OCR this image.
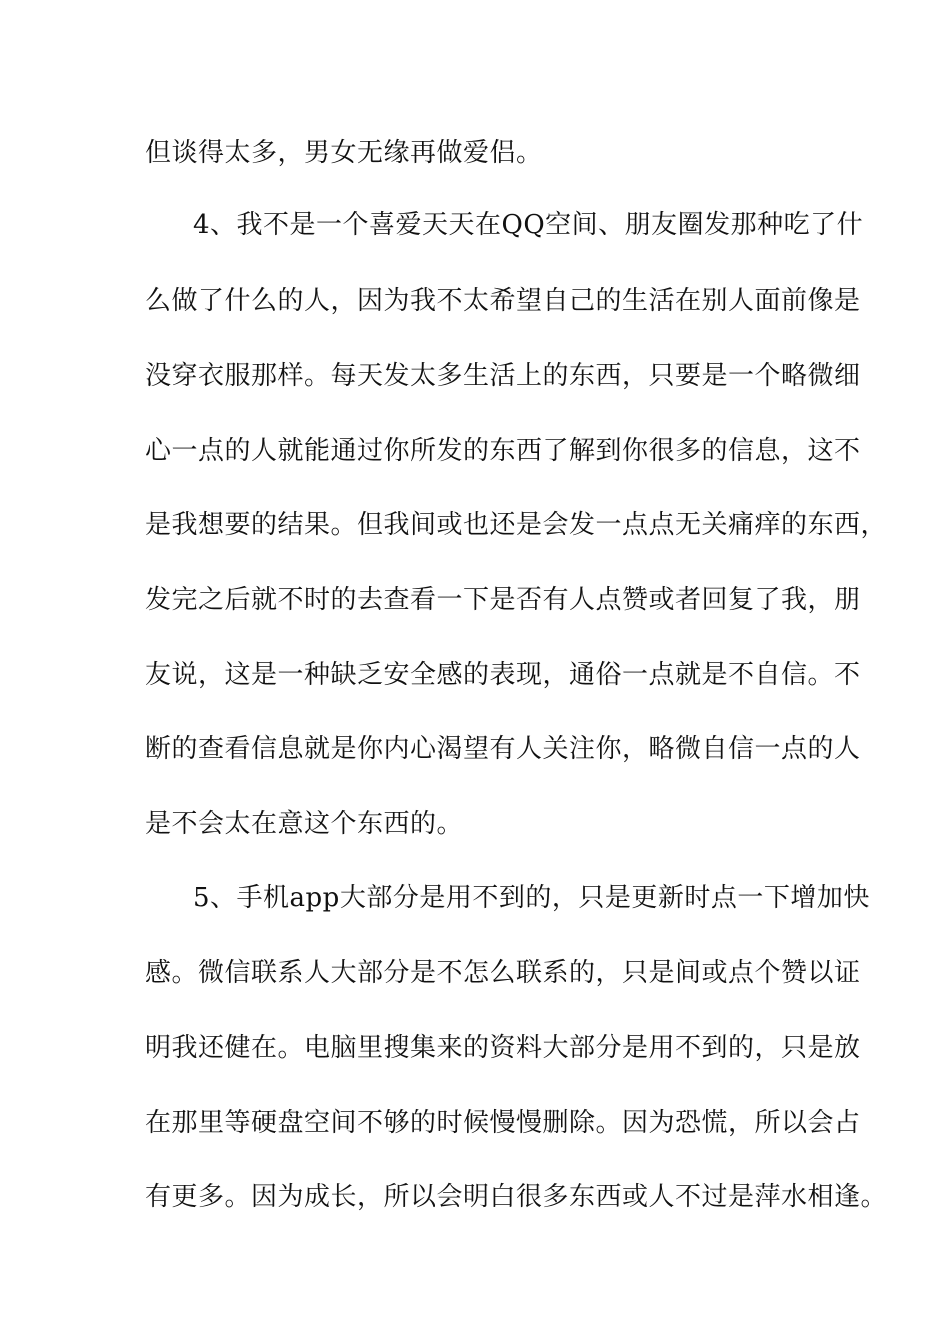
但谈得太多，男女无缘再做爱侣。
4、我不是一个喜爱天天在QQ空间、朋友圈发那种吃了什
么做了什么的人，因为我不太希望自己的生活在别人面前像是
没穿衣服那样。每天发太多生活上的东西，只要是一个略微细
心一点的人就能通过你所发的东西了解到你很多的信息，这不
是我想要的结果。但我间或也还是会发一点点无关痛痒的东西，
发完之后就不时的去查看一下是否有人点赞或者回复了我，朋
友说，这是一种缺乏安全感的表现，通俗一点就是不自信。不
断的查看信息就是你内心渴望有人关注你，略微自信一点的人
是不会太在意这个东西的。
5、手机app大部分是用不到的，只是更新时点一下增加快
感。微信联系人大部分是不怎么联系的，只是间或点个赞以证
明我还健在。电脑里搜集来的资料大部分是用不到的，只是放
在那里等硬盘空间不够的时候慢慢删除。因为恐慌，所以会占
有更多。因为成长，所以会明白很多东西或人不过是萍水相逢。
